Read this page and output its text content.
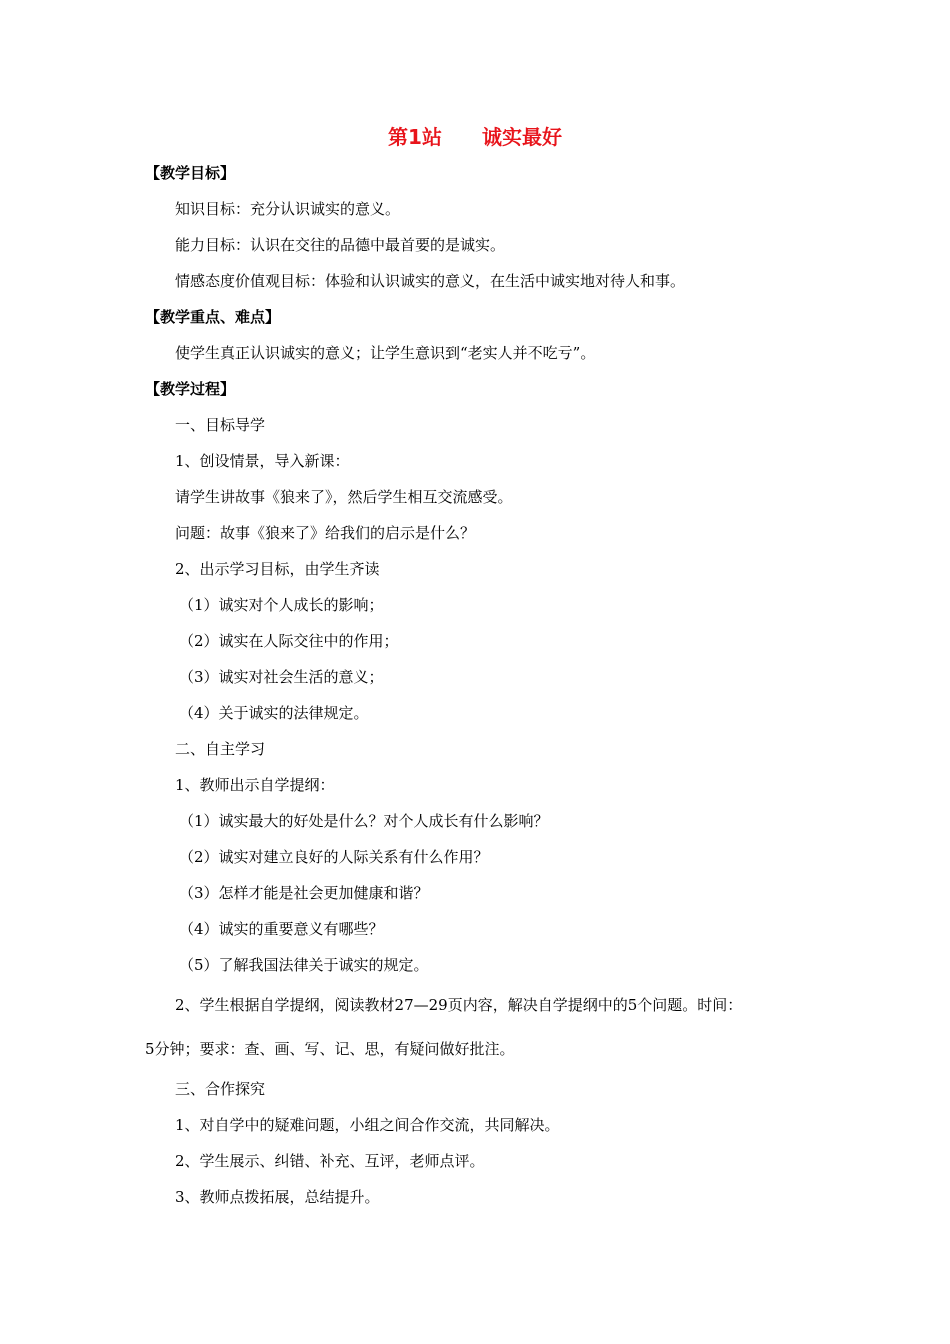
第1站　　诚实最好
【教学目标】
知识目标：充分认识诚实的意义。
能力目标：认识在交往的品德中最首要的是诚实。
情感态度价值观目标：体验和认识诚实的意义，在生活中诚实地对待人和事。
【教学重点、难点】
使学生真正认识诚实的意义；让学生意识到“老实人并不吃亏”。
【教学过程】
一、目标导学
1、创设情景，导入新课：
请学生讲故事《狼来了》，然后学生相互交流感受。
问题：故事《狼来了》给我们的启示是什么？
2、出示学习目标，由学生齐读
（1）诚实对个人成长的影响；
（2）诚实在人际交往中的作用；
（3）诚实对社会生活的意义；
（4）关于诚实的法律规定。
二、自主学习
1、教师出示自学提纲：
（1）诚实最大的好处是什么？对个人成长有什么影响？
（2）诚实对建立良好的人际关系有什么作用？
（3）怎样才能是社会更加健康和谐？
（4）诚实的重要意义有哪些？
（5）了解我国法律关于诚实的规定。
2、学生根据自学提纲，阅读教材27—29页内容，解决自学提纲中的5个问题。时间：
5分钟；要求：查、画、写、记、思，有疑问做好批注。
三、合作探究
1、对自学中的疑难问题，小组之间合作交流，共同解决。
2、学生展示、纠错、补充、互评，老师点评。
3、教师点拨拓展，总结提升。
